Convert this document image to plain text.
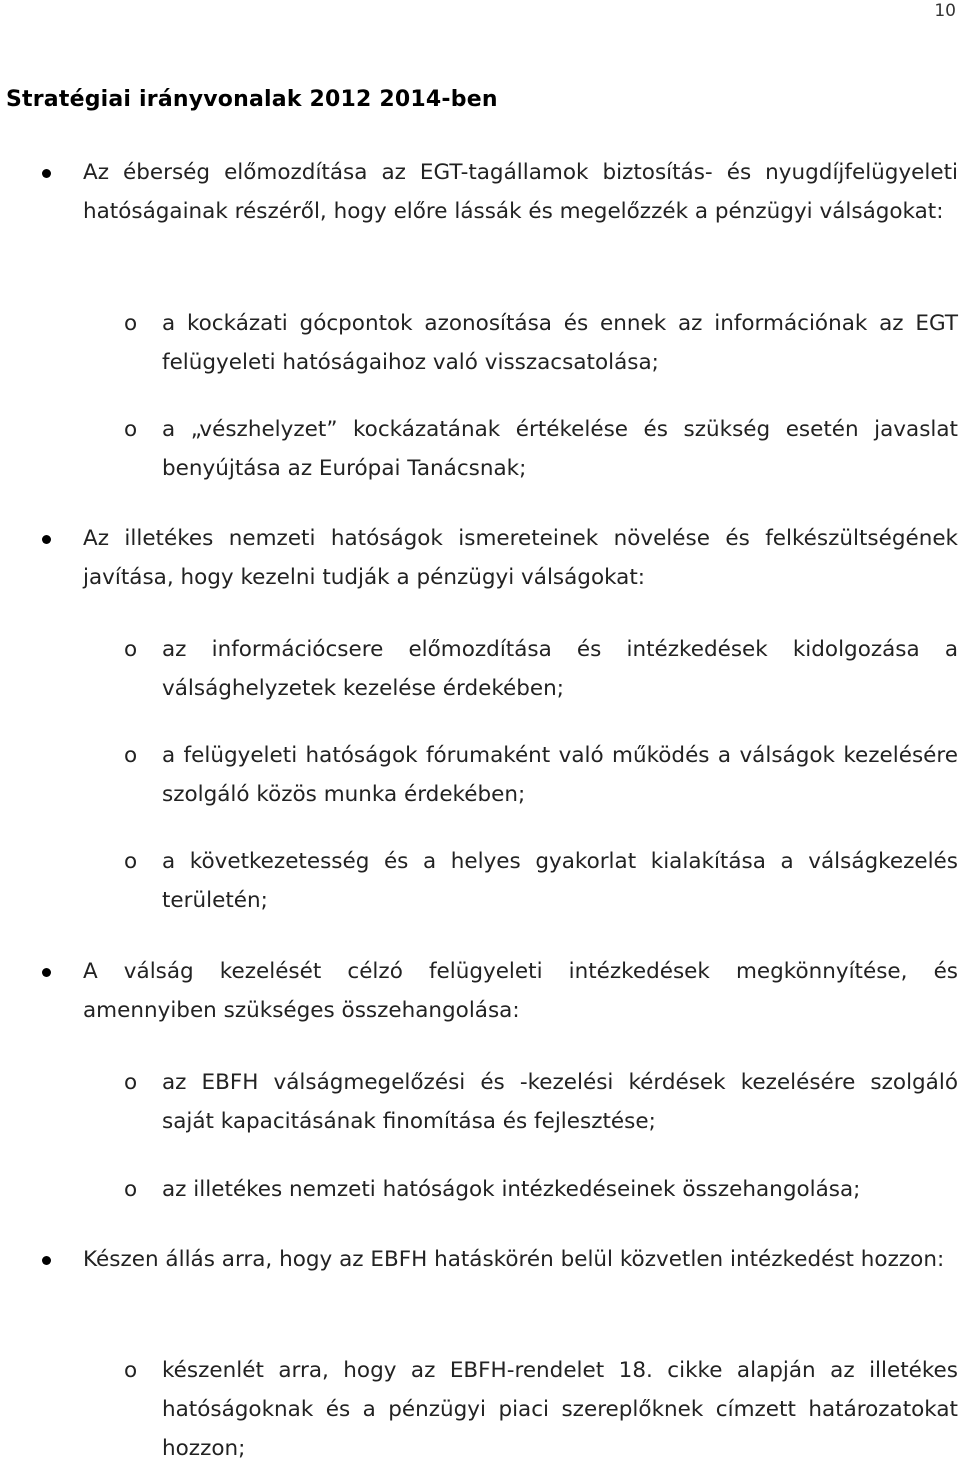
10
Stratégiai irányvonalak 2012 2014-ben
Az éberség előmozdítása az EGT-tagállamok biztosítás- és nyugdíjfelügyeleti hatóságainak részéről, hogy előre lássák és megelőzzék a pénzügyi válságokat:
o a kockázati gócpontok azonosítása és ennek az információnak az EGT felügyeleti hatóságaihoz való visszacsatolása;
o a „vészhelyzet” kockázatának értékelése és szükség esetén javaslat benyújtása az Európai Tanácsnak;
Az illetékes nemzeti hatóságok ismereteinek növelése és felkészültségének javítása, hogy kezelni tudják a pénzügyi válságokat:
o az információcsere előmozdítása és intézkedések kidolgozása a válsághelyzetek kezelése érdekében;
o a felügyeleti hatóságok fórumaként való működés a válságok kezelésére szolgáló közös munka érdekében;
o a következetesség és a helyes gyakorlat kialakítása a válságkezelés területén;
A válság kezelését célzó felügyeleti intézkedések megkönnyítése, és amennyiben szükséges összehangolása:
o az EBFH válságmegelőzési és -kezelési kérdések kezelésére szolgáló saját kapacitásának finomítása és fejlesztése;
o az illetékes nemzeti hatóságok intézkedéseinek összehangolása;
Készen állás arra, hogy az EBFH hatáskörén belül közvetlen intézkedést hozzon:
o készenlét arra, hogy az EBFH-rendelet 18. cikke alapján az illetékes hatóságoknak és a pénzügyi piaci szereplőknek címzett határozatokat hozzon;
